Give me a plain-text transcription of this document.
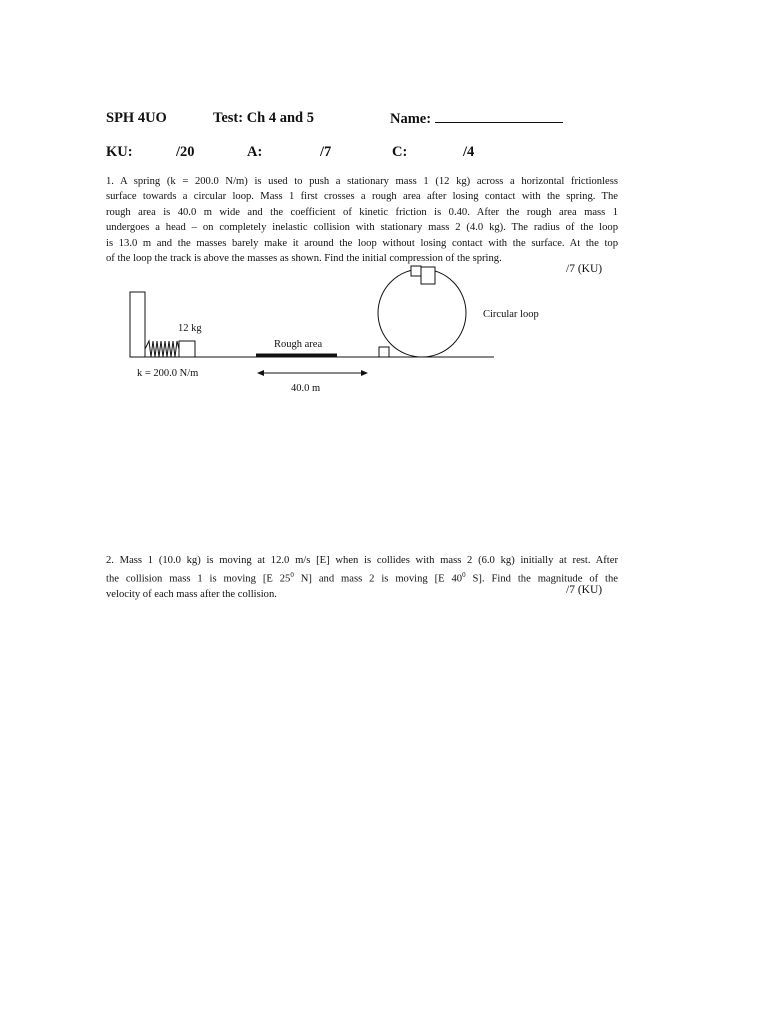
SPH 4UO	Test: Ch 4 and 5	Name:
KU:	/20	A:	/7	C:	/4

1. A spring (k = 200.0 N/m) is used to push a stationary mass 1 (12 kg) across a horizontal frictionless

surface towards a circular loop. Mass 1 first crosses a rough area after losing contact with the spring. The

rough area is 40.0 m wide and the coefficient of kinetic friction is 0.40. After the rough area mass 1

undergoes a head – on completely inelastic collision with stationary mass 2 (4.0 kg). The radius of the loop

is 13.0 m and the masses barely make it around the loop without losing contact with the surface. At the top

of the loop the track is above the masses as shown. Find the initial compression of the spring.

/7 (KU)
12 kg
Rough area
Circular loop
k = 200.0 N/m
40.0 m

2. Mass 1 (10.0 kg) is moving at 12.0 m/s [E] when is collides with mass 2 (6.0 kg) initially at rest. After

the collision mass 1 is moving [E $25^0$ N] and mass 2 is moving [E $40^0$ S]. Find the magnitude of the

velocity of each mass after the collision.	/7 (KU)
